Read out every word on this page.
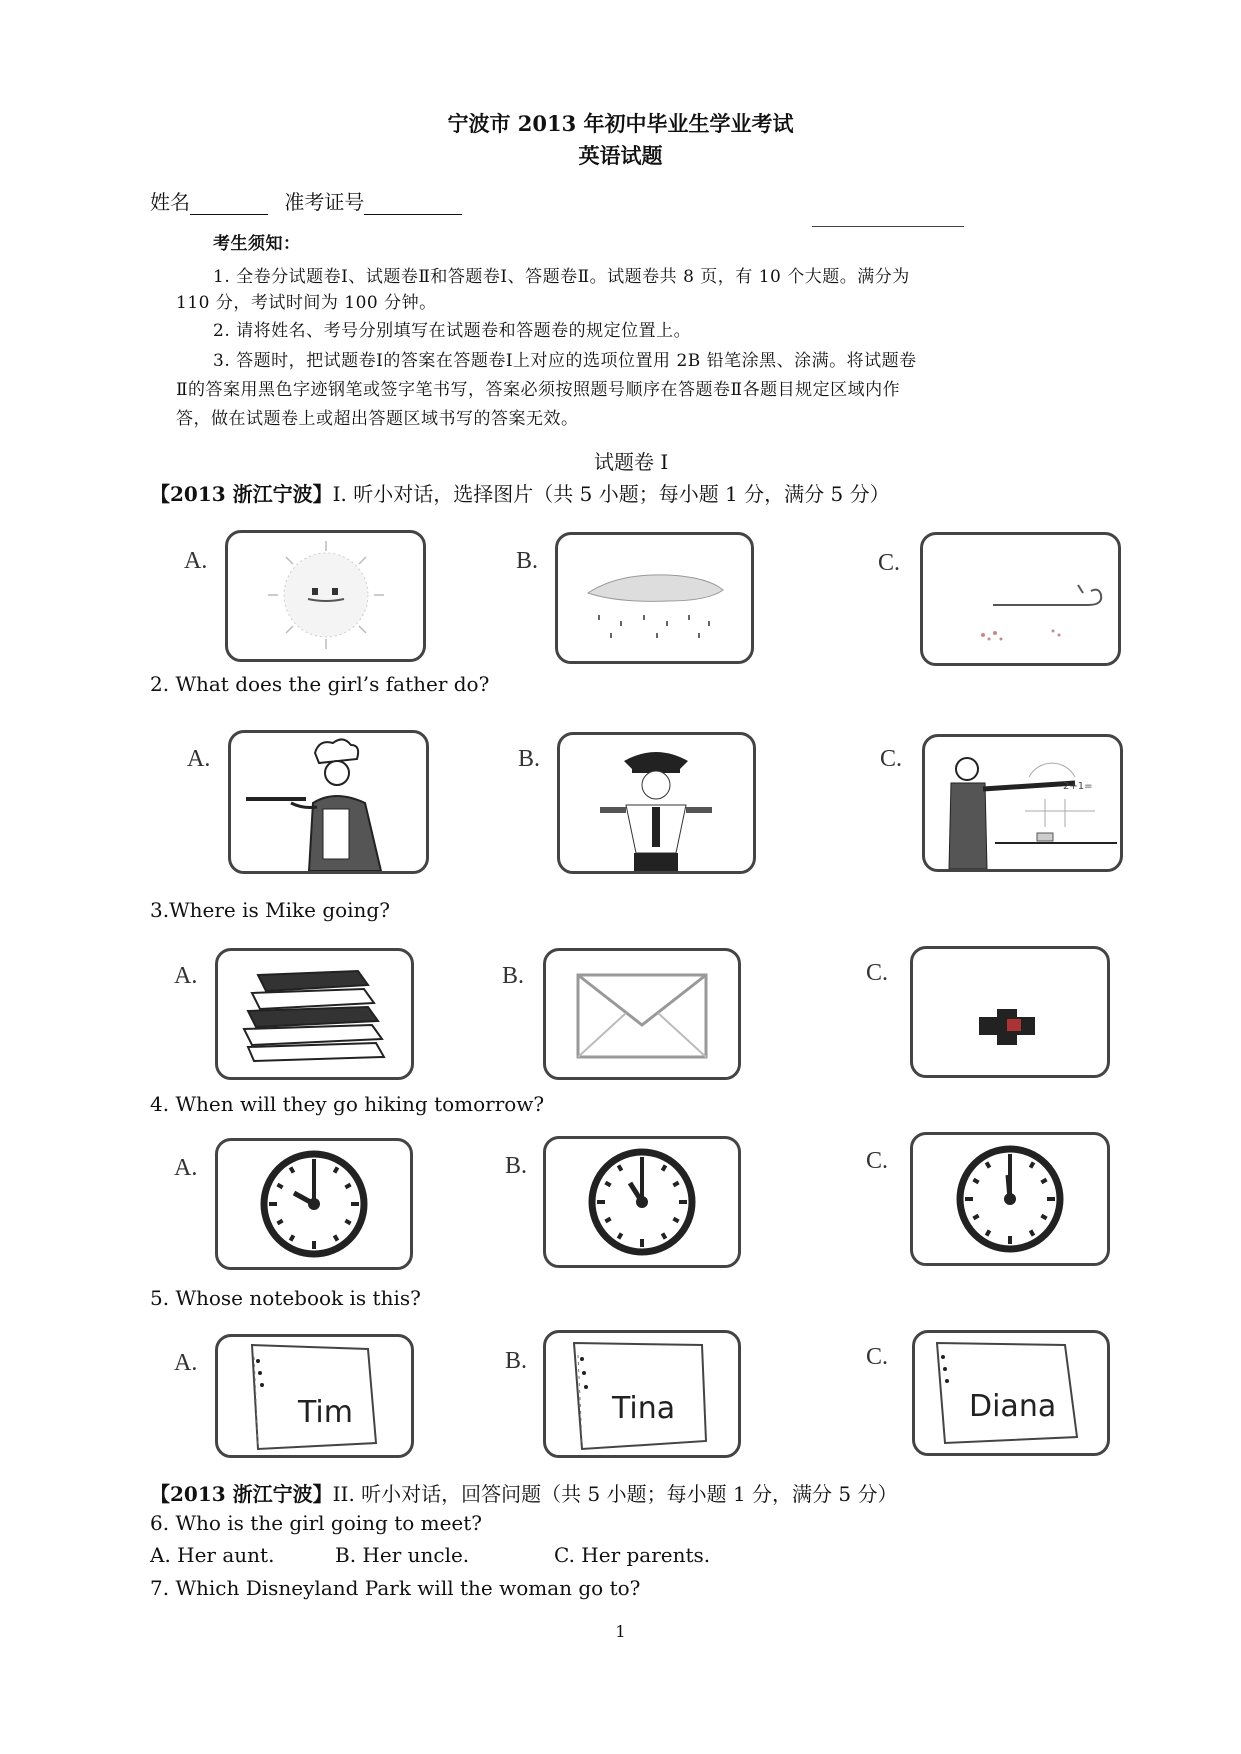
宁波市 2013 年初中毕业生学业考试
英语试题
姓名	准考证号
考生须知：
1. 全卷分试题卷Ⅰ、试题卷Ⅱ和答题卷Ⅰ、答题卷Ⅱ。试题卷共 8 页，有 10 个大题。满分为
110 分，考试时间为 100 分钟。
2. 请将姓名、考号分别填写在试题卷和答题卷的规定位置上。
3. 答题时，把试题卷Ⅰ的答案在答题卷Ⅰ上对应的选项位置用 2B 铅笔涂黑、涂满。将试题卷
Ⅱ的答案用黑色字迹钢笔或签字笔书写，答案必须按照题号顺序在答题卷Ⅱ各题目规定区域内作
答，做在试题卷上或超出答题区域书写的答案无效。
试题卷 I
【2013 浙江宁波】I. 听小对话，选择图片（共 5 小题；每小题 1 分，满分 5 分）
A.	B.	C.
2. What does the girl’s father do?
A.	B.	C.
2+1=
3.Where is Mike going?
A.	B.	C.
4. When will they go hiking tomorrow?
A.	B.	C.
5. Whose notebook is this?
A.
Tim
B.
Tina
C.
Diana
【2013 浙江宁波】II. 听小对话，回答问题（共 5 小题；每小题 1 分，满分 5 分）
6. Who is the girl going to meet?
A. Her aunt.	B. Her uncle.	C. Her parents.
7. Which Disneyland Park will the woman go to?
1
